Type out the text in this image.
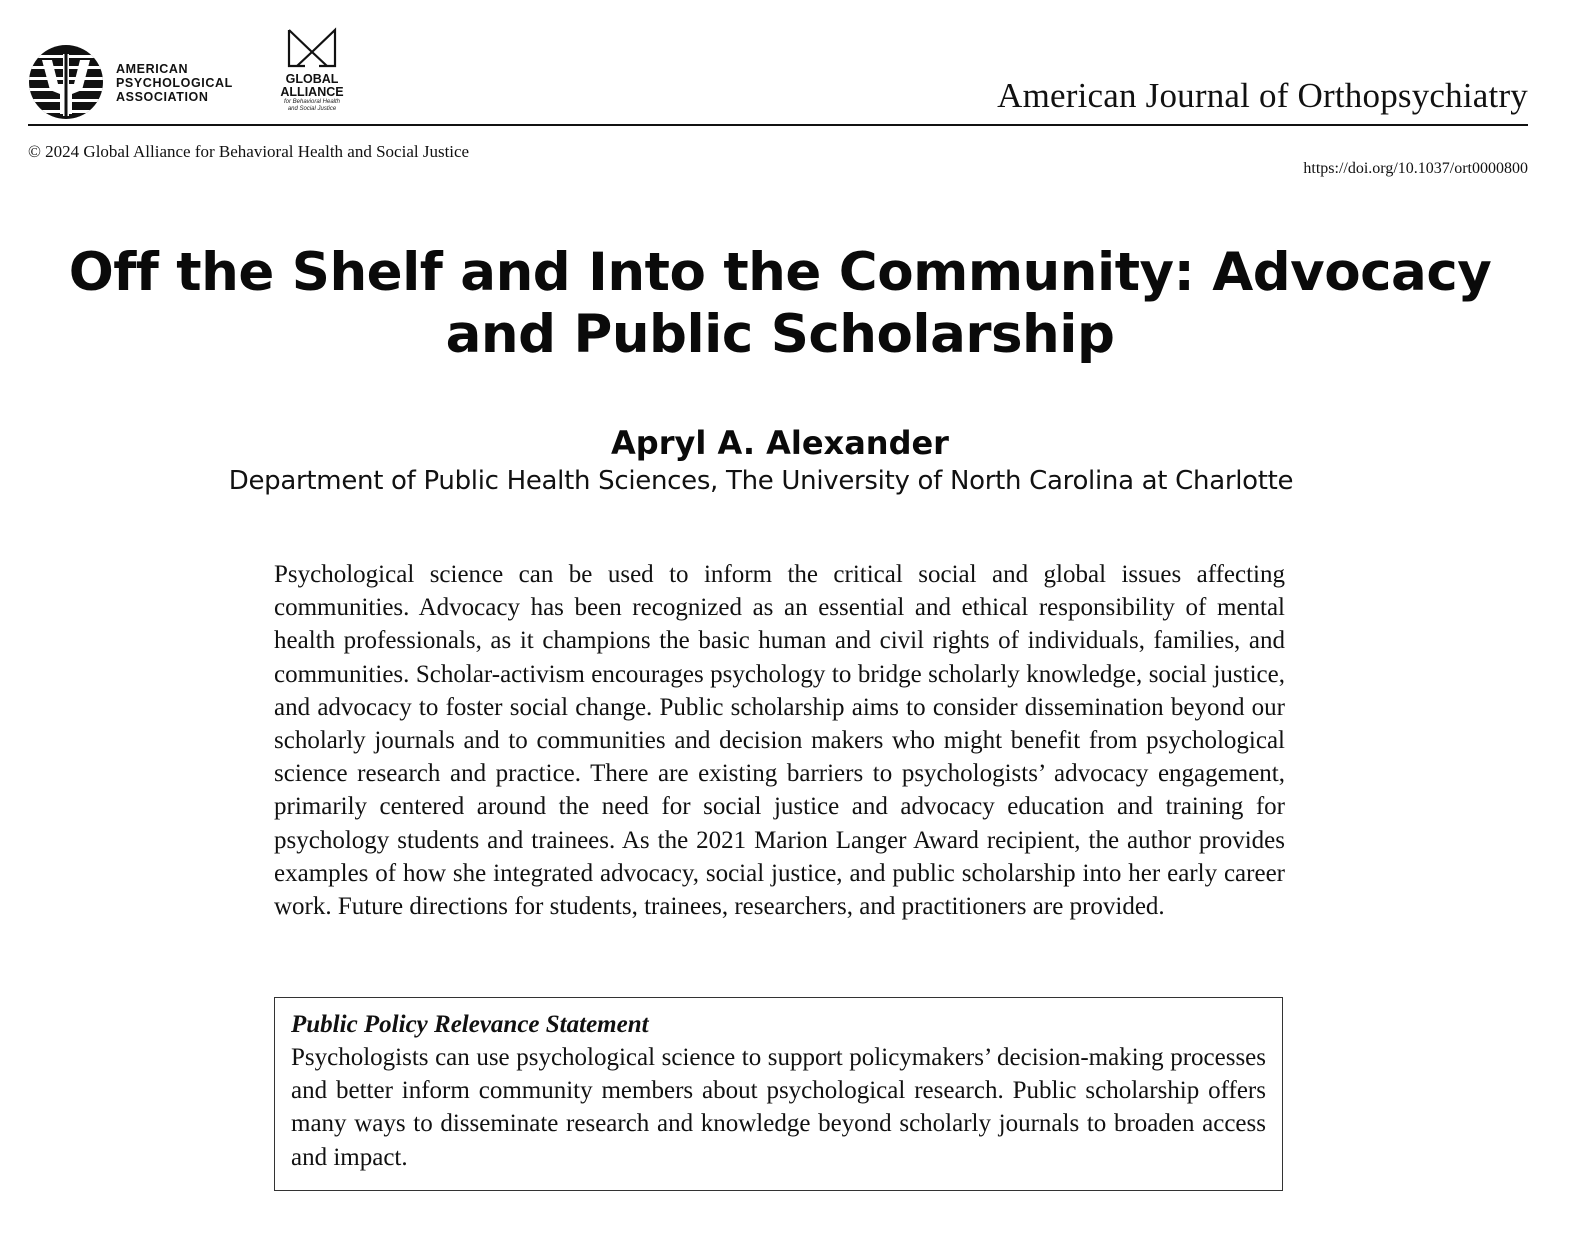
AMERICAN
PSYCHOLOGICAL
ASSOCIATION
GLOBAL
ALLIANCE
for Behavioral Health
and Social Justice	American Journal of Orthopsychiatry
© 2024 Global Alliance for Behavioral Health and Social Justice
https://doi.org/10.1037/ort0000800
Off the Shelf and Into the Community: Advocacy and Public Scholarship
Apryl A. Alexander
Department of Public Health Sciences, The University of North Carolina at Charlotte

Psychological science can be used to inform the critical social and global issues affecting communities. Advocacy has been recognized as an essential and ethical responsibility of mental health professionals, as it champions the basic human and civil rights of individuals, families, and communities. Scholar-activism encourages psychology to bridge scholarly knowledge, social justice, and advocacy to foster social change. Public scholarship aims to consider dissemination beyond our scholarly journals and to communities and decision makers who might benefit from psychological science research and practice. There are existing barriers to psychologists’ advocacy engagement, primarily centered around the need for social justice and advocacy education and training for psychology students and trainees. As the 2021 Marion Langer Award recipient, the author provides examples of how she integrated advocacy, social justice, and public scholarship into her early career work. Future directions for students, trainees, researchers, and practitioners are provided.

Public Policy Relevance Statement
Psychologists can use psychological science to support policymakers’ decision-making processes and better inform community members about psychological research. Public scholarship offers many ways to disseminate research and knowledge beyond scholarly journals to broaden access and impact.
